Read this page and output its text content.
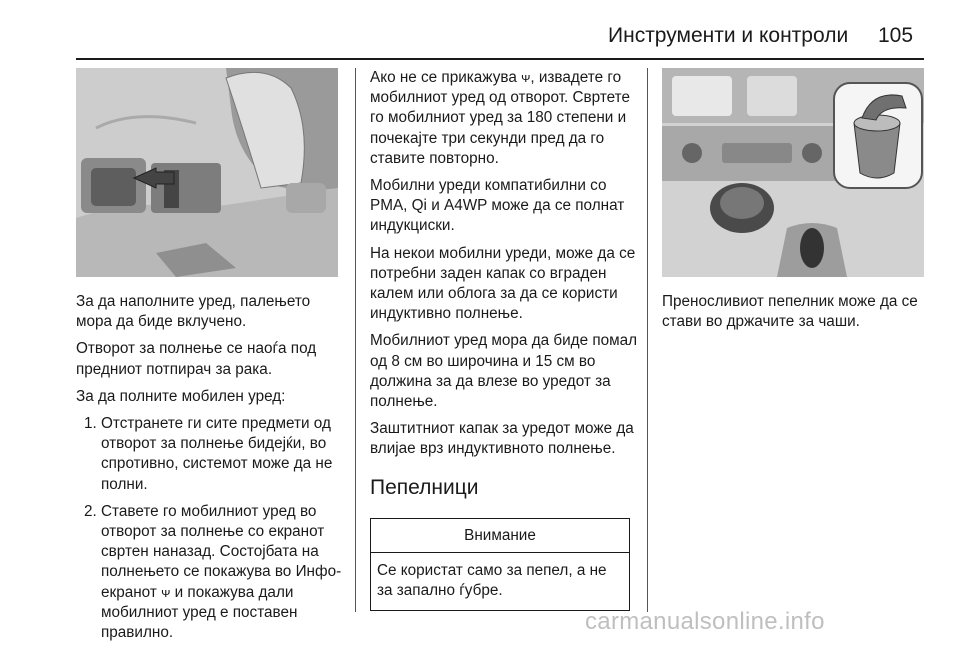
Инструменти и контроли 105

За да наполните уред, палењето мора да биде вклучено.

Отворот за полнење се наоѓа под предниот потпирач за рака.

За да полните мобилен уред:

1. Отстранете ги сите предмети од отворот за полнење бидејќи, во спротивно, системот може да не полни.
2. Ставете го мобилниот уред во отворот за полнење со екранот свртен наназад. Состојбата на полнењето се покажува во Инфо-екранот ᴪ и покажува дали мобилниот уред е поставен правилно.

Ако не се прикажува ᴪ, извадете го мобилниот уред од отворот. Свртете го мобилниот уред за 180 степени и почекајте три секунди пред да го ставите повторно.

Мобилни уреди компатибилни со PMA, Qi и A4WP може да се полнат индукциски.

На некои мобилни уреди, може да се потребни заден капак со вграден калем или облога за да се користи индуктивно полнење.

Мобилниот уред мора да биде помал од 8 см во широчина и 15 см во должина за да влезе во уредот за полнење.

Заштитниот капак за уредот може да влијае врз индуктивното полнење.

Пепелници
Внимание
Се користат само за пепел, а не за запално ѓубре.

Преносливиот пепелник може да се стави во држачите за чаши.

carmanualsonline.info
